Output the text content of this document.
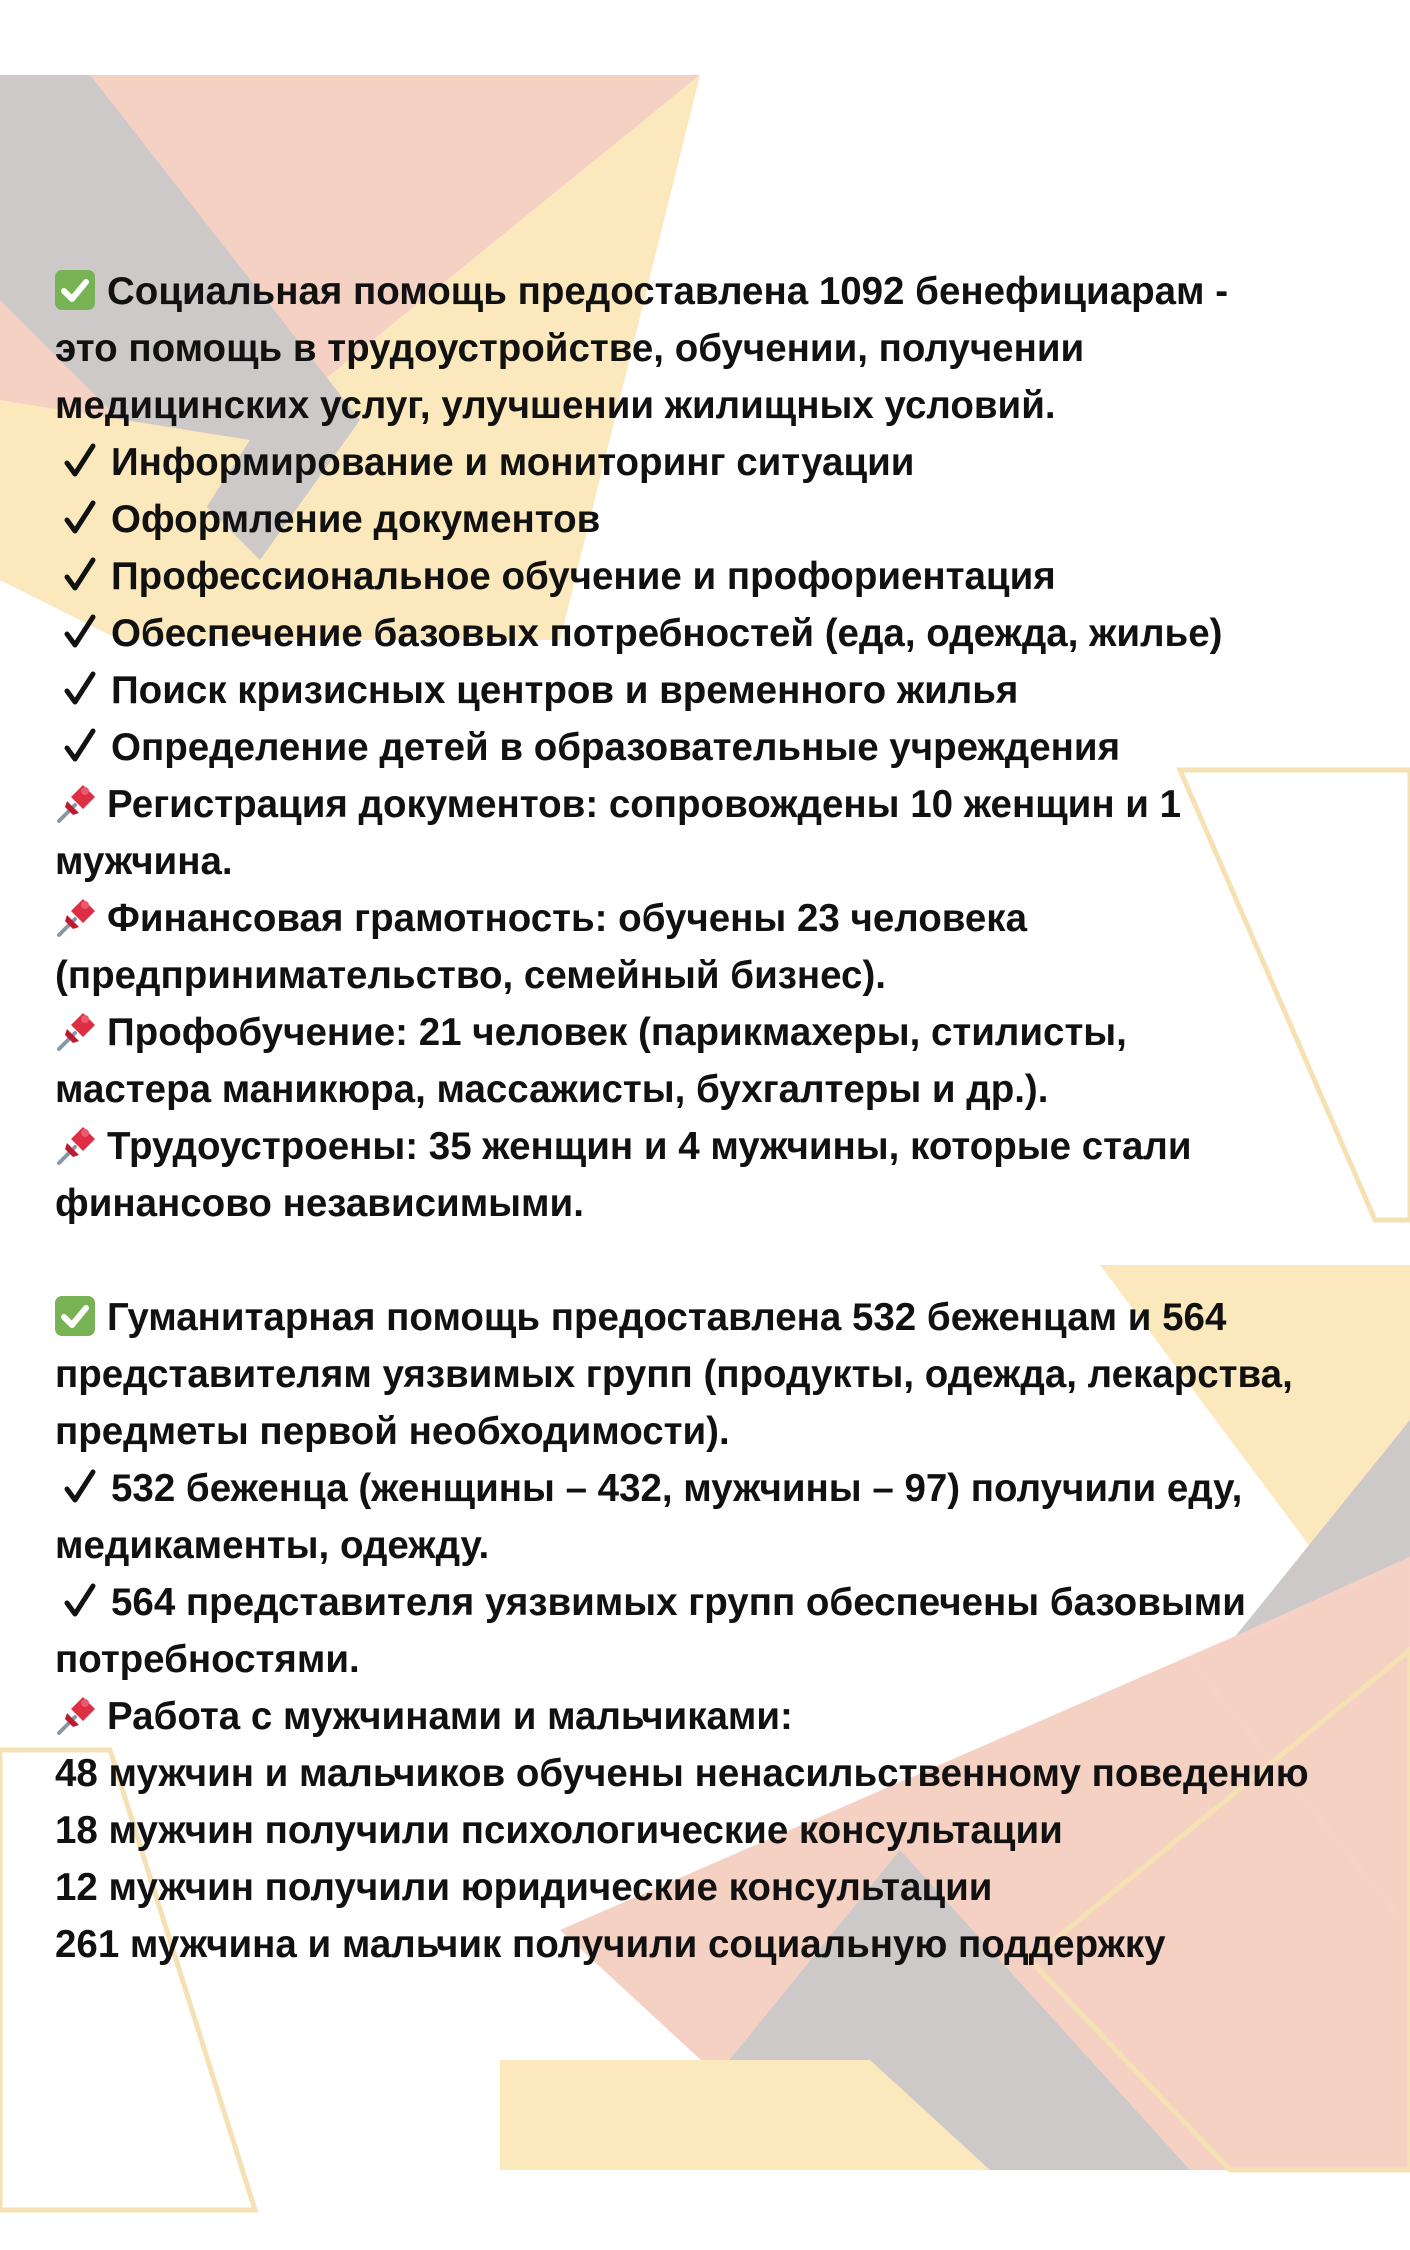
Социальная помощь предоставлена 1092 бенефициарам -
это помощь в трудоустройстве, обучении, получении
медицинских услуг, улучшении жилищных условий.
Информирование и мониторинг ситуации
Оформление документов
Профессиональное обучение и профориентация
Обеспечение базовых потребностей (еда, одежда, жилье)
Поиск кризисных центров и временного жилья
Определение детей в образовательные учреждения
Регистрация документов: сопровождены 10 женщин и 1
мужчина.
Финансовая грамотность: обучены 23 человека
(предпринимательство, семейный бизнес).
Профобучение: 21 человек (парикмахеры, стилисты,
мастера маникюра, массажисты, бухгалтеры и др.).
Трудоустроены: 35 женщин и 4 мужчины, которые стали
финансово независимыми.
Гуманитарная помощь предоставлена 532 беженцам и 564
представителям уязвимых групп (продукты, одежда, лекарства,
предметы первой необходимости).
532 беженца (женщины – 432, мужчины – 97) получили еду,
медикаменты, одежду.
564 представителя уязвимых групп обеспечены базовыми
потребностями.
Работа с мужчинами и мальчиками:
48 мужчин и мальчиков обучены ненасильственному поведению
18 мужчин получили психологические консультации
12 мужчин получили юридические консультации
261 мужчина и мальчик получили социальную поддержку
